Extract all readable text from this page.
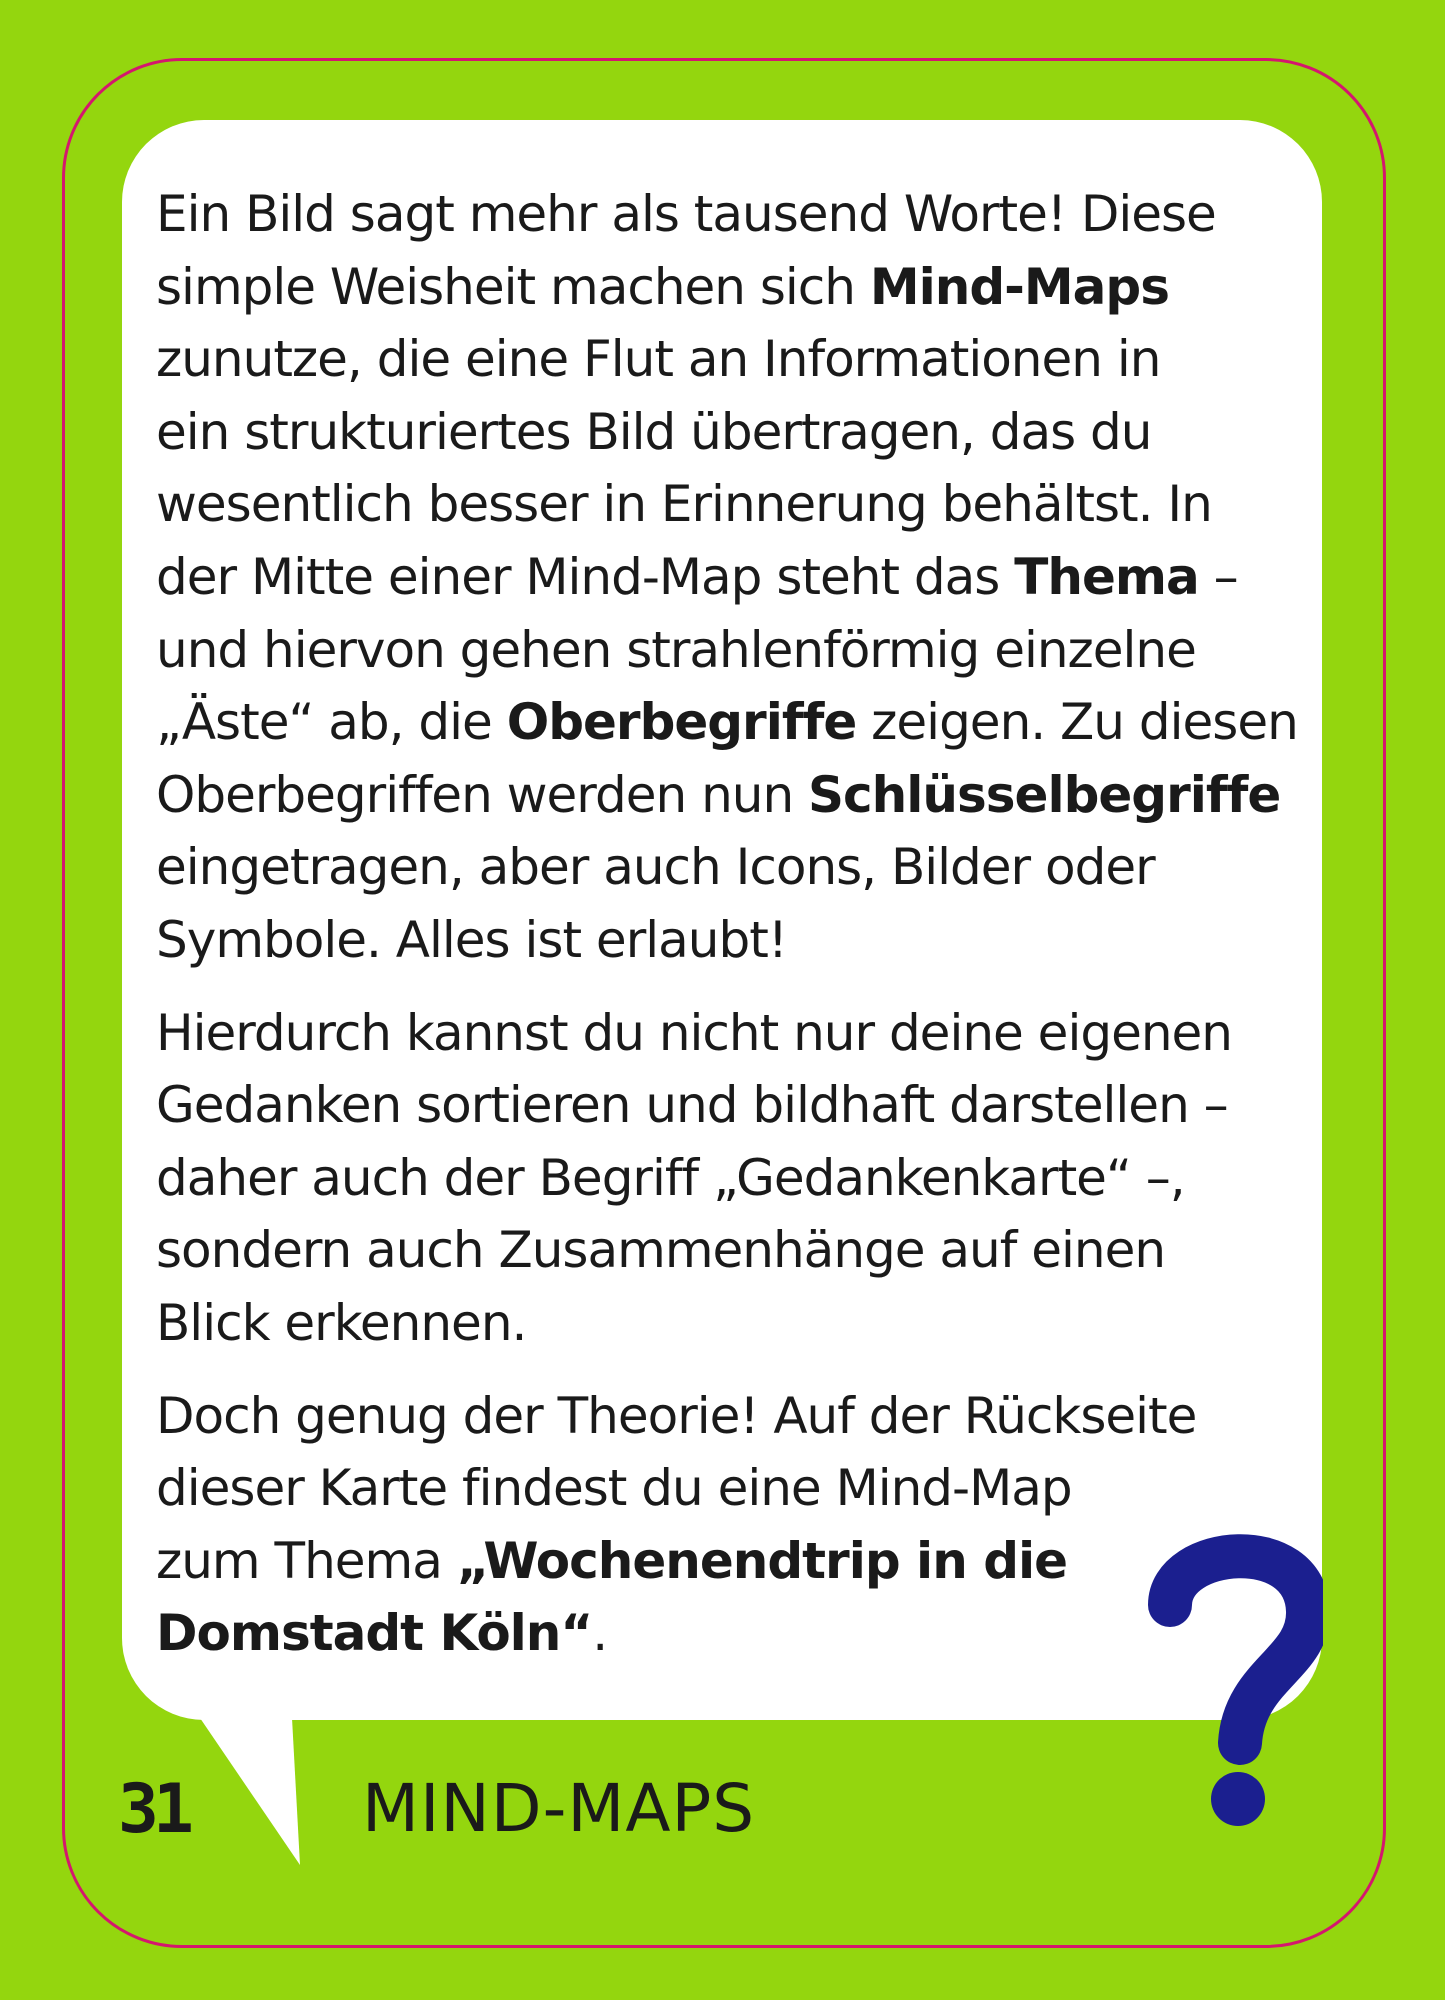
Ein Bild sagt mehr als tausend Worte! Diese
simple Weisheit machen sich Mind-Maps
zunutze, die eine Flut an Informationen in
ein strukturiertes Bild übertragen, das du
wesentlich besser in Erinnerung behältst. In
der Mitte einer Mind-Map steht das Thema –
und hiervon gehen strahlenförmig einzelne
„Äste“ ab, die Oberbegriffe zeigen. Zu diesen
Oberbegriffen werden nun Schlüsselbegriffe
eingetragen, aber auch Icons, Bilder oder
Symbole. Alles ist erlaubt!
Hierdurch kannst du nicht nur deine eigenen
Gedanken sortieren und bildhaft darstellen –
daher auch der Begriff „Gedankenkarte“ –,
sondern auch Zusammenhänge auf einen
Blick erkennen.
Doch genug der Theorie! Auf der Rückseite
dieser Karte findest du eine Mind-Map
zum Thema „Wochenendtrip in die
Domstadt Köln“.
31	MIND-MAPS
